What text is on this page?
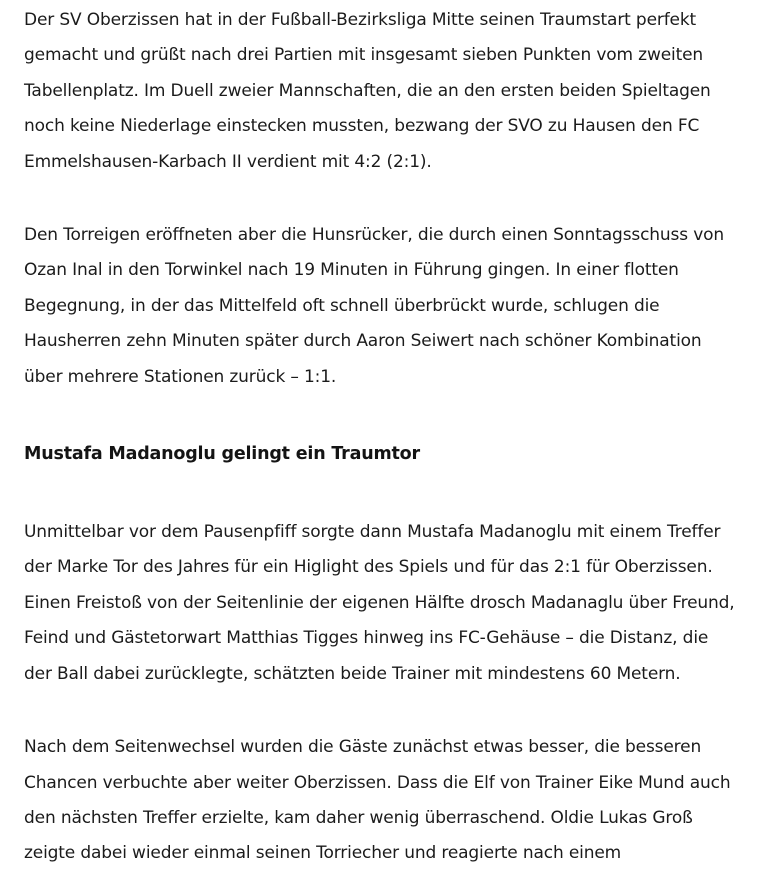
Der SV Oberzissen hat in der Fußball-Bezirksliga Mitte seinen Traumstart perfekt
gemacht und grüßt nach drei Partien mit insgesamt sieben Punkten vom zweiten
Tabellenplatz. Im Duell zweier Mannschaften, die an den ersten beiden Spieltagen
noch keine Niederlage einstecken mussten, bezwang der SVO zu Hausen den FC
Emmelshausen-Karbach II verdient mit 4:2 (2:1).

Den Torreigen eröffneten aber die Hunsrücker, die durch einen Sonntagsschuss von
Ozan Inal in den Torwinkel nach 19 Minuten in Führung gingen. In einer flotten
Begegnung, in der das Mittelfeld oft schnell überbrückt wurde, schlugen die
Hausherren zehn Minuten später durch Aaron Seiwert nach schöner Kombination
über mehrere Stationen zurück – 1:1.

Mustafa Madanoglu gelingt ein Traumtor

Unmittelbar vor dem Pausenpfiff sorgte dann Mustafa Madanoglu mit einem Treffer
der Marke Tor des Jahres für ein Higlight des Spiels und für das 2:1 für Oberzissen.
Einen Freistoß von der Seitenlinie der eigenen Hälfte drosch Madanaglu über Freund,
Feind und Gästetorwart Matthias Tigges hinweg ins FC-Gehäuse – die Distanz, die
der Ball dabei zurücklegte, schätzten beide Trainer mit mindestens 60 Metern.

Nach dem Seitenwechsel wurden die Gäste zunächst etwas besser, die besseren
Chancen verbuchte aber weiter Oberzissen. Dass die Elf von Trainer Eike Mund auch
den nächsten Treffer erzielte, kam daher wenig überraschend. Oldie Lukas Groß
zeigte dabei wieder einmal seinen Torriecher und reagierte nach einem
